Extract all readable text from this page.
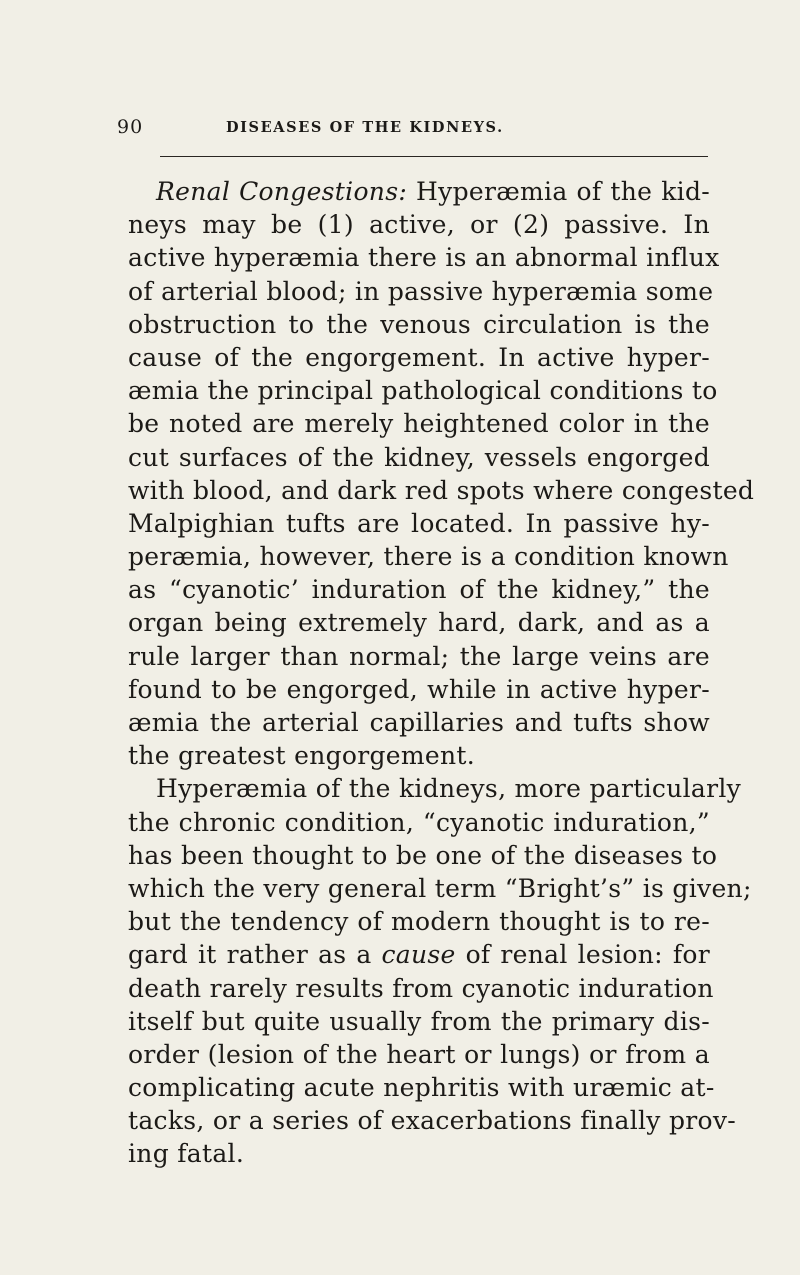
90	DISEASES OF THE KIDNEYS.
Renal Congestions: Hyperæmia of the kid-
neys may be (1) active, or (2) passive. In
active hyperæmia there is an abnormal influx
of arterial blood; in passive hyperæmia some
obstruction to the venous circulation is the
cause of the engorgement. In active hyper-
æmia the principal pathological conditions to
be noted are merely heightened color in the
cut surfaces of the kidney, vessels engorged
with blood, and dark red spots where congested
Malpighian tufts are located. In passive hy-
peræmia, however, there is a condition known
as “cyanotic’ induration of the kidney,” the
organ being extremely hard, dark, and as a
rule larger than normal; the large veins are
found to be engorged, while in active hyper-
æmia the arterial capillaries and tufts show
the greatest engorgement.
Hyperæmia of the kidneys, more particularly
the chronic condition, “cyanotic induration,”
has been thought to be one of the diseases to
which the very general term “Bright’s” is given;
but the tendency of modern thought is to re-
gard it rather as a cause of renal lesion: for
death rarely results from cyanotic induration
itself but quite usually from the primary dis-
order (lesion of the heart or lungs) or from a
complicating acute nephritis with uræmic at-
tacks, or a series of exacerbations finally prov-
ing fatal.
